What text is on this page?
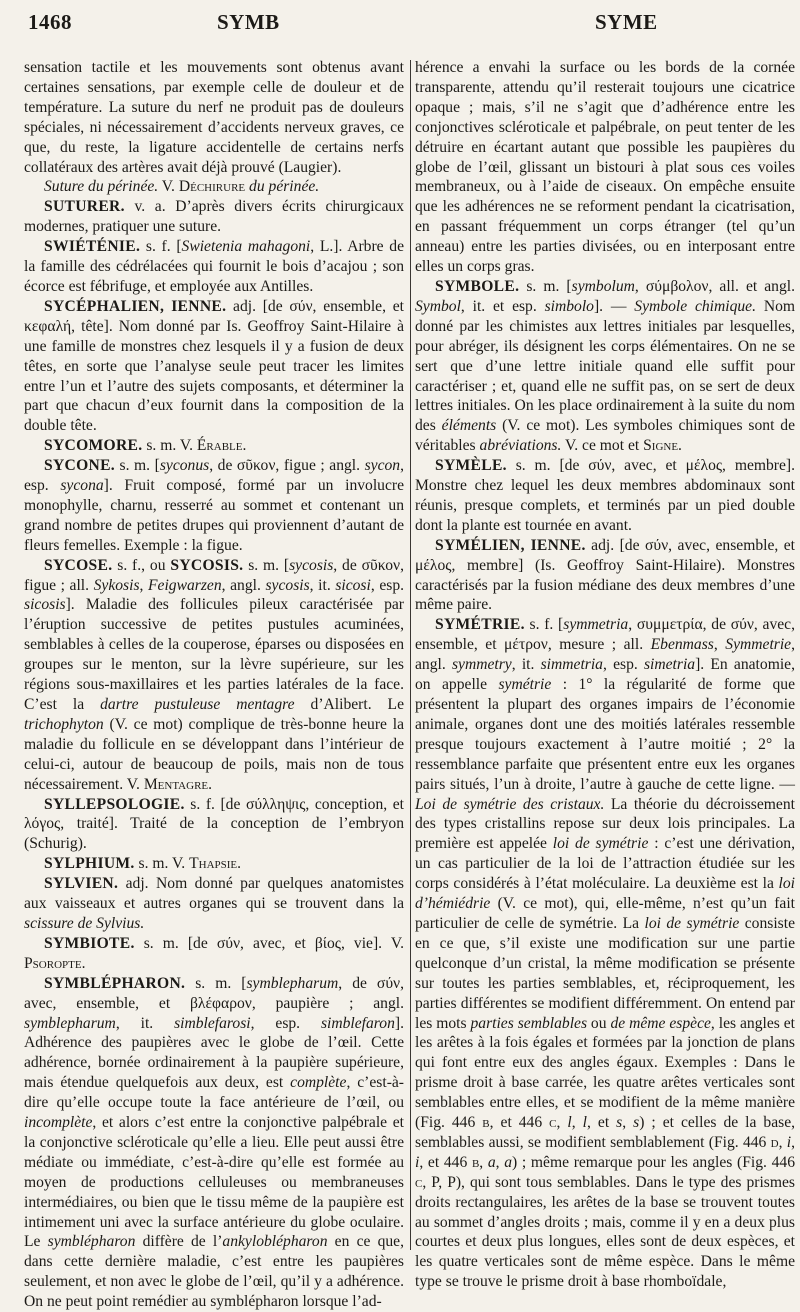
1468	SYMB	SYME

sensation tactile et les mouvements sont obtenus avant certaines sensations, par exemple celle de douleur et de température. La suture du nerf ne produit pas de douleurs spéciales, ni nécessairement d’accidents nerveux graves, ce que, du reste, la ligature accidentelle de certains nerfs collatéraux des artères avait déjà prouvé (Laugier).

Suture du périnée. V. Déchirure du périnée.

SUTURER. v. a. D’après divers écrits chirurgicaux modernes, pratiquer une suture.

SWIÉTÉNIE. s. f. [Swietenia mahagoni, L.]. Arbre de la famille des cédrélacées qui fournit le bois d’acajou ; son écorce est fébrifuge, et employée aux Antilles.

SYCÉPHALIEN, IENNE. adj. [de σύν, ensemble, et κεφαλή, tête]. Nom donné par Is. Geoffroy Saint-Hilaire à une famille de monstres chez lesquels il y a fusion de deux têtes, en sorte que l’analyse seule peut tracer les limites entre l’un et l’autre des sujets composants, et déterminer la part que chacun d’eux fournit dans la composition de la double tête.

SYCOMORE. s. m. V. Érable.

SYCONE. s. m. [syconus, de σῦκον, figue ; angl. sycon, esp. sycona]. Fruit composé, formé par un involucre monophylle, charnu, resserré au sommet et contenant un grand nombre de petites drupes qui proviennent d’autant de fleurs femelles. Exemple : la figue.

SYCOSE. s. f., ou SYCOSIS. s. m. [sycosis, de σῦκον, figue ; all. Sykosis, Feigwarzen, angl. sycosis, it. sicosi, esp. sicosis]. Maladie des follicules pileux caractérisée par l’éruption successive de petites pustules acuminées, semblables à celles de la couperose, éparses ou disposées en groupes sur le menton, sur la lèvre supérieure, sur les régions sous-maxillaires et les parties latérales de la face. C’est la dartre pustuleuse mentagre d’Alibert. Le trichophyton (V. ce mot) complique de très-bonne heure la maladie du follicule en se développant dans l’intérieur de celui-ci, autour de beaucoup de poils, mais non de tous nécessairement. V. Mentagre.

SYLLEPSOLOGIE. s. f. [de σύλληψις, conception, et λόγος, traité]. Traité de la conception de l’embryon (Schurig).

SYLPHIUM. s. m. V. Thapsie.

SYLVIEN. adj. Nom donné par quelques anatomistes aux vaisseaux et autres organes qui se trouvent dans la scissure de Sylvius.

SYMBIOTE. s. m. [de σύν, avec, et βίος, vie]. V. Psoropte.

SYMBLÉPHARON. s. m. [symblepharum, de σύν, avec, ensemble, et βλέφαρον, paupière ; angl. symblepharum, it. simblefarosi, esp. simblefaron]. Adhérence des paupières avec le globe de l’œil. Cette adhérence, bornée ordinairement à la paupière supérieure, mais étendue quelquefois aux deux, est complète, c’est-à-dire qu’elle occupe toute la face antérieure de l’œil, ou incomplète, et alors c’est entre la conjonctive palpébrale et la conjonctive scléroticale qu’elle a lieu. Elle peut aussi être médiate ou immédiate, c’est-à-dire qu’elle est formée au moyen de productions celluleuses ou membraneuses intermédiaires, ou bien que le tissu même de la paupière est intimement uni avec la surface antérieure du globe oculaire. Le symblépharon diffère de l’ankyloblépharon en ce que, dans cette dernière maladie, c’est entre les paupières seulement, et non avec le globe de l’œil, qu’il y a adhérence. On ne peut point remédier au symblépharon lorsque l’ad-

hérence a envahi la surface ou les bords de la cornée transparente, attendu qu’il resterait toujours une cicatrice opaque ; mais, s’il ne s’agit que d’adhérence entre les conjonctives scléroticale et palpébrale, on peut tenter de les détruire en écartant autant que possible les paupières du globe de l’œil, glissant un bistouri à plat sous ces voiles membraneux, ou à l’aide de ciseaux. On empêche ensuite que les adhérences ne se reforment pendant la cicatrisation, en passant fréquemment un corps étranger (tel qu’un anneau) entre les parties divisées, ou en interposant entre elles un corps gras.

SYMBOLE. s. m. [symbolum, σύμβολον, all. et angl. Symbol, it. et esp. simbolo]. — Symbole chimique. Nom donné par les chimistes aux lettres initiales par lesquelles, pour abréger, ils désignent les corps élémentaires. On ne se sert que d’une lettre initiale quand elle suffit pour caractériser ; et, quand elle ne suffit pas, on se sert de deux lettres initiales. On les place ordinairement à la suite du nom des éléments (V. ce mot). Les symboles chimiques sont de véritables abréviations. V. ce mot et Signe.

SYMÈLE. s. m. [de σύν, avec, et μέλος, membre]. Monstre chez lequel les deux membres abdominaux sont réunis, presque complets, et terminés par un pied double dont la plante est tournée en avant.

SYMÉLIEN, IENNE. adj. [de σύν, avec, ensemble, et μέλος, membre] (Is. Geoffroy Saint-Hilaire). Monstres caractérisés par la fusion médiane des deux membres d’une même paire.

SYMÉTRIE. s. f. [symmetria, συμμετρία, de σύν, avec, ensemble, et μέτρον, mesure ; all. Ebenmass, Symmetrie, angl. symmetry, it. simmetria, esp. simetria]. En anatomie, on appelle symétrie : 1° la régularité de forme que présentent la plupart des organes impairs de l’économie animale, organes dont une des moitiés latérales ressemble presque toujours exactement à l’autre moitié ; 2° la ressemblance parfaite que présentent entre eux les organes pairs situés, l’un à droite, l’autre à gauche de cette ligne. — Loi de symétrie des cristaux. La théorie du décroissement des types cristallins repose sur deux lois principales. La première est appelée loi de symétrie : c’est une dérivation, un cas particulier de la loi de l’attraction étudiée sur les corps considérés à l’état moléculaire. La deuxième est la loi d’hémiédrie (V. ce mot), qui, elle-même, n’est qu’un fait particulier de celle de symétrie. La loi de symétrie consiste en ce que, s’il existe une modification sur une partie quelconque d’un cristal, la même modification se présente sur toutes les parties semblables, et, réciproquement, les parties différentes se modifient différemment. On entend par les mots parties semblables ou de même espèce, les angles et les arêtes à la fois égales et formées par la jonction de plans qui font entre eux des angles égaux. Exemples : Dans le prisme droit à base carrée, les quatre arêtes verticales sont semblables entre elles, et se modifient de la même manière (Fig. 446 b, et 446 c, l, l, et s, s) ; et celles de la base, semblables aussi, se modifient semblablement (Fig. 446 d, i, i, et 446 b, a, a) ; même remarque pour les angles (Fig. 446 c, P, P), qui sont tous semblables. Dans le type des prismes droits rectangulaires, les arêtes de la base se trouvent toutes au sommet d’angles droits ; mais, comme il y en a deux plus courtes et deux plus longues, elles sont de deux espèces, et les quatre verticales sont de même espèce. Dans le même type se trouve le prisme droit à base rhomboïdale,
